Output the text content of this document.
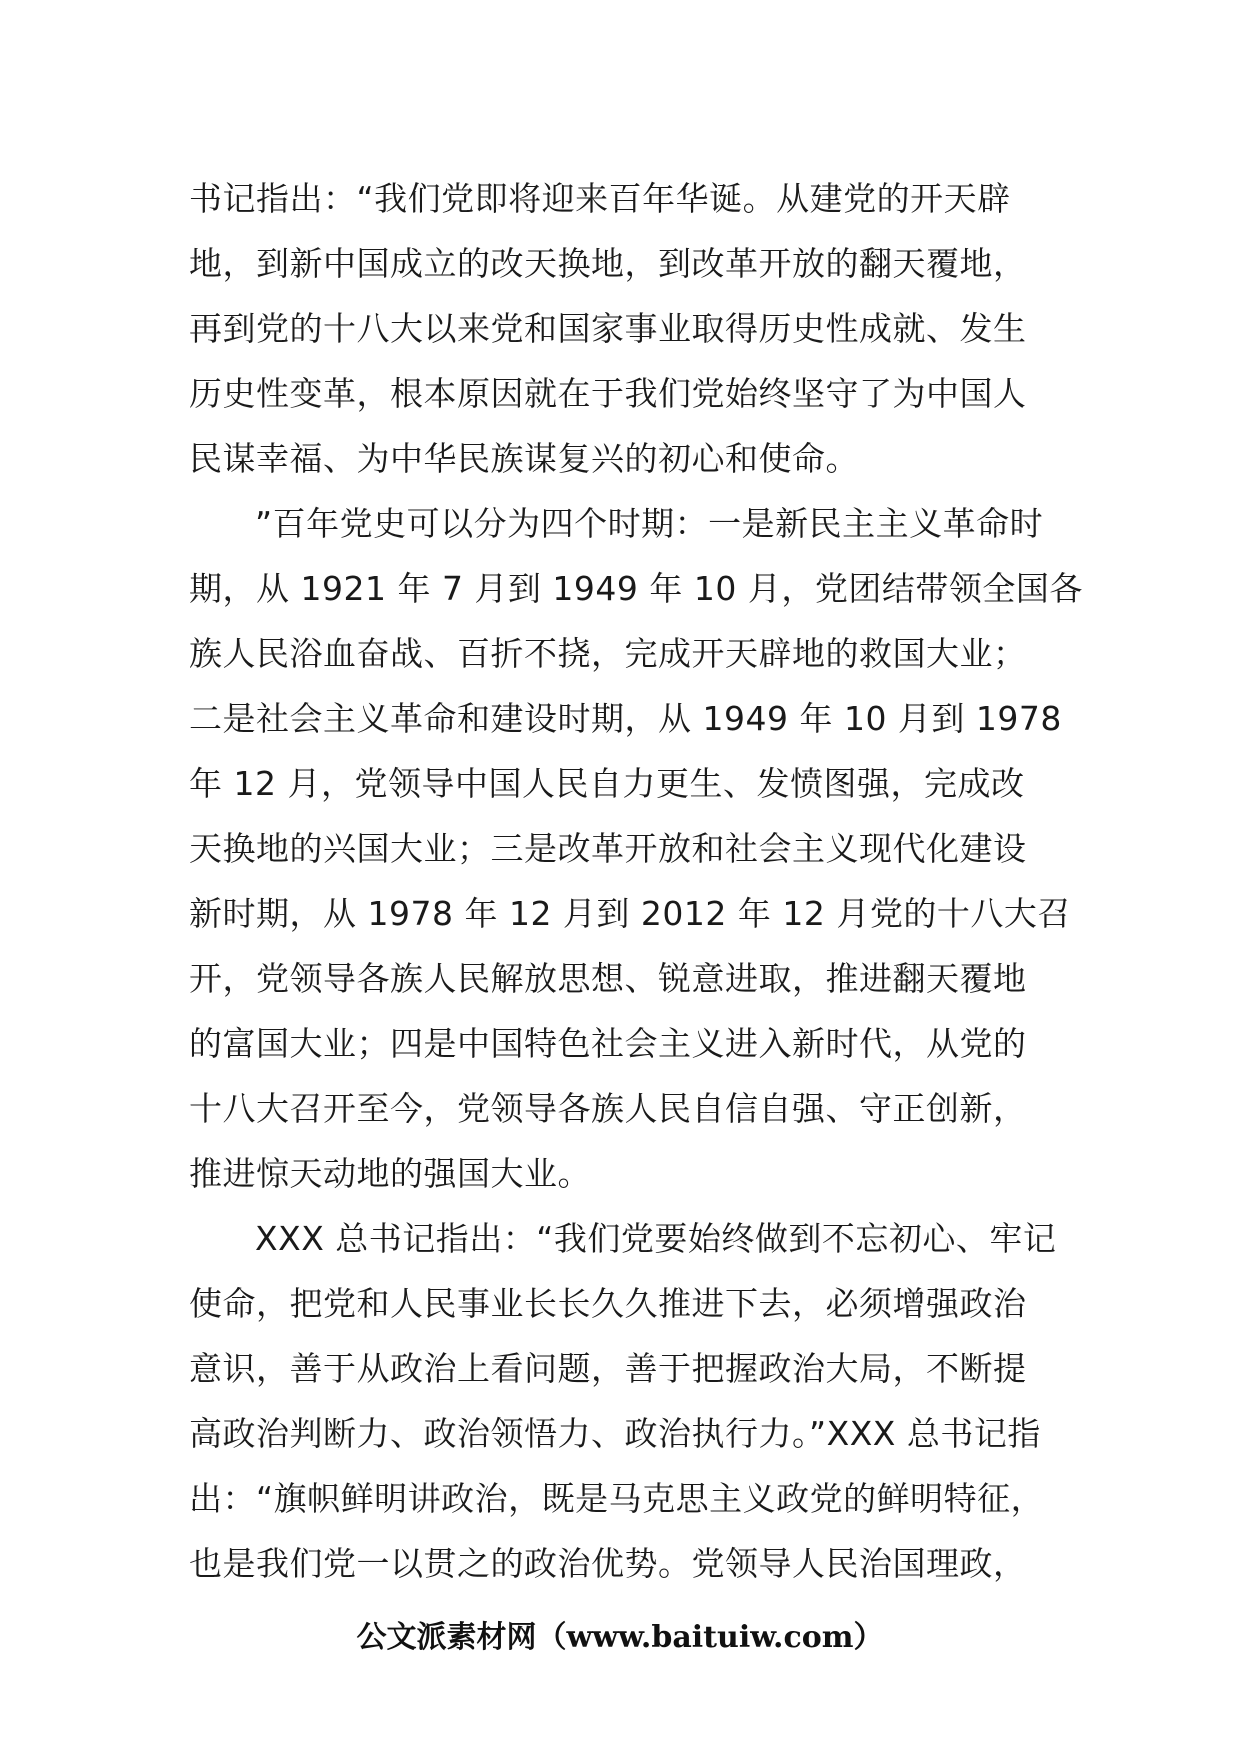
书记指出：“我们党即将迎来百年华诞。从建党的开天辟
地，到新中国成立的改天换地，到改革开放的翻天覆地，
再到党的十八大以来党和国家事业取得历史性成就、发生
历史性变革，根本原因就在于我们党始终坚守了为中国人
民谋幸福、为中华民族谋复兴的初心和使命。
”百年党史可以分为四个时期：一是新民主主义革命时
期，从 1921 年 7 月到 1949 年 10 月，党团结带领全国各
族人民浴血奋战、百折不挠，完成开天辟地的救国大业；
二是社会主义革命和建设时期，从 1949 年 10 月到 1978
年 12 月，党领导中国人民自力更生、发愤图强，完成改
天换地的兴国大业；三是改革开放和社会主义现代化建设
新时期，从 1978 年 12 月到 2012 年 12 月党的十八大召
开，党领导各族人民解放思想、锐意进取，推进翻天覆地
的富国大业；四是中国特色社会主义进入新时代，从党的
十八大召开至今，党领导各族人民自信自强、守正创新，
推进惊天动地的强国大业。
XXX 总书记指出：“我们党要始终做到不忘初心、牢记
使命，把党和人民事业长长久久推进下去，必须增强政治
意识，善于从政治上看问题，善于把握政治大局，不断提
高政治判断力、政治领悟力、政治执行力。”XXX 总书记指
出：“旗帜鲜明讲政治，既是马克思主义政党的鲜明特征，
也是我们党一以贯之的政治优势。党领导人民治国理政，
公文派素材网（www.baituiw.com）
